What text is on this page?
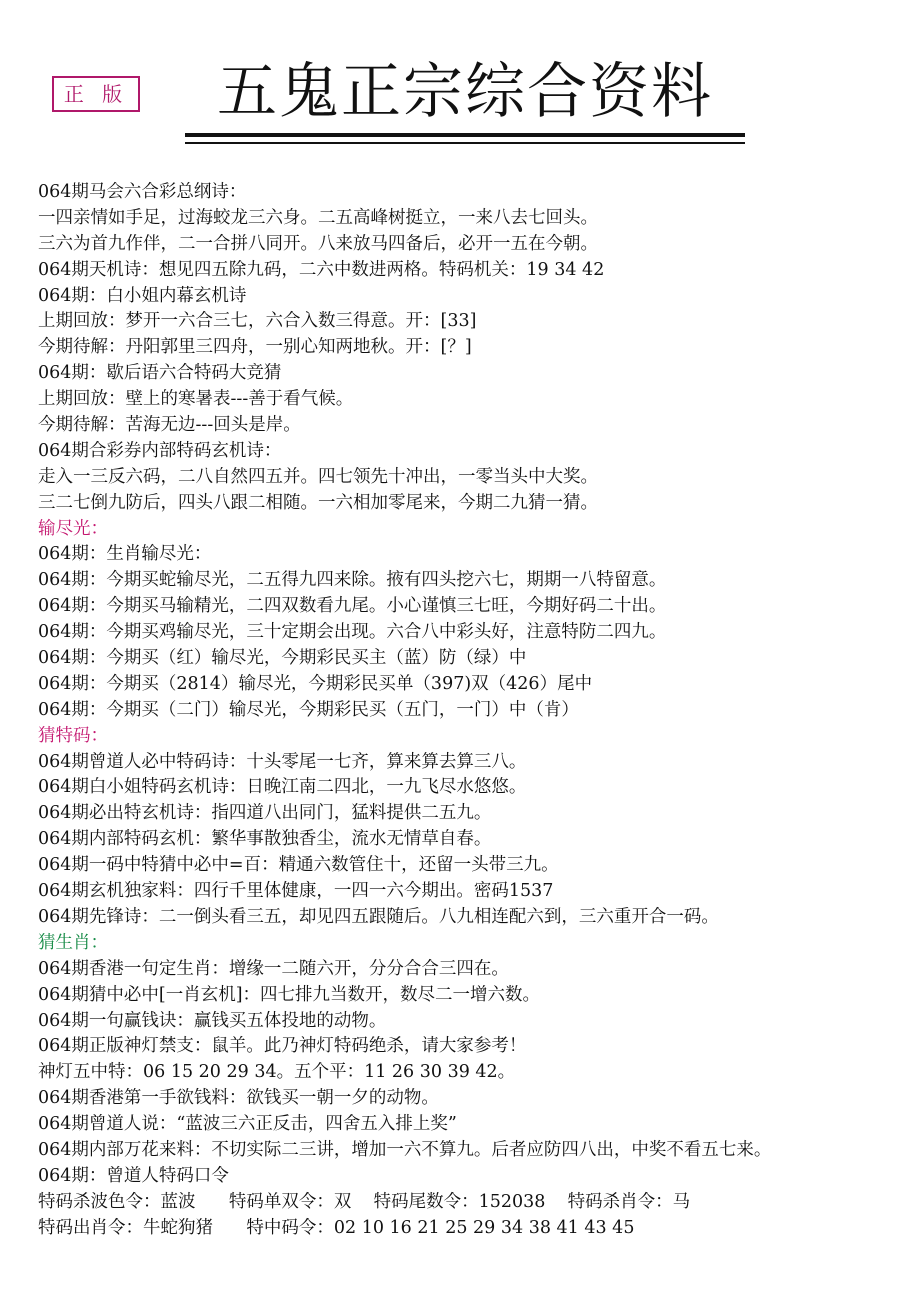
正 版	五鬼正宗综合资料
064期马会六合彩总纲诗：
一四亲情如手足，过海蛟龙三六身。二五高峰树挺立，一来八去七回头。
三六为首九作伴，二一合拼八同开。八来放马四备后，必开一五在今朝。
064期天机诗：想见四五除九码，二六中数进两格。特码机关：19 34 42
064期：白小姐内幕玄机诗
上期回放：梦开一六合三七，六合入数三得意。开：[33]
今期待解：丹阳郭里三四舟，一别心知两地秋。开：[？]
064期：歇后语六合特码大竞猜
上期回放：壁上的寒暑表---善于看气候。
今期待解：苦海无边---回头是岸。
064期合彩券内部特码玄机诗：
走入一三反六码，二八自然四五并。四七领先十冲出，一零当头中大奖。
三二七倒九防后，四头八跟二相随。一六相加零尾来，今期二九猜一猜。
输尽光：
064期：生肖输尽光：
064期：今期买蛇输尽光，二五得九四来除。掖有四头挖六七，期期一八特留意。
064期：今期买马输精光，二四双数看九尾。小心谨慎三七旺，今期好码二十出。
064期：今期买鸡输尽光，三十定期会出现。六合八中彩头好，注意特防二四九。
064期：今期买（红）输尽光，今期彩民买主（蓝）防（绿）中
064期：今期买（2814）输尽光，今期彩民买单（397)双（426）尾中
064期：今期买（二门）输尽光，今期彩民买（五门，一门）中（肯）
猜特码：
064期曾道人必中特码诗：十头零尾一七齐，算来算去算三八。
064期白小姐特码玄机诗：日晚江南二四北，一九飞尽水悠悠。
064期必出特玄机诗：指四道八出同门，猛料提供二五九。
064期内部特码玄机：繁华事散独香尘，流水无情草自春。
064期一码中特猜中必中=百：精通六数管住十，还留一头带三九。
064期玄机独家料：四行千里体健康，一四一六今期出。密码1537
064期先锋诗：二一倒头看三五，却见四五跟随后。八九相连配六到，三六重开合一码。
猜生肖：
064期香港一句定生肖：增缘一二随六开，分分合合三四在。
064期猜中必中[一肖玄机]：四七排九当数开，数尽二一增六数。
064期一句赢钱诀：赢钱买五体投地的动物。
064期正版神灯禁支：鼠羊。此乃神灯特码绝杀，请大家参考！
神灯五中特：06 15 20 29 34。五个平：11 26 30 39 42。
064期香港第一手欲钱料：欲钱买一朝一夕的动物。
064期曾道人说：“蓝波三六正反击，四舍五入排上奖”
064期内部万花来料：不切实际二三讲，增加一六不算九。后者应防四八出，中奖不看五七来。
064期：曾道人特码口令
特码杀波色令：蓝波      特码单双令：双    特码尾数令：152038    特码杀肖令：马
特码出肖令：牛蛇狗猪      特中码令：02 10 16 21 25 29 34 38 41 43 45
